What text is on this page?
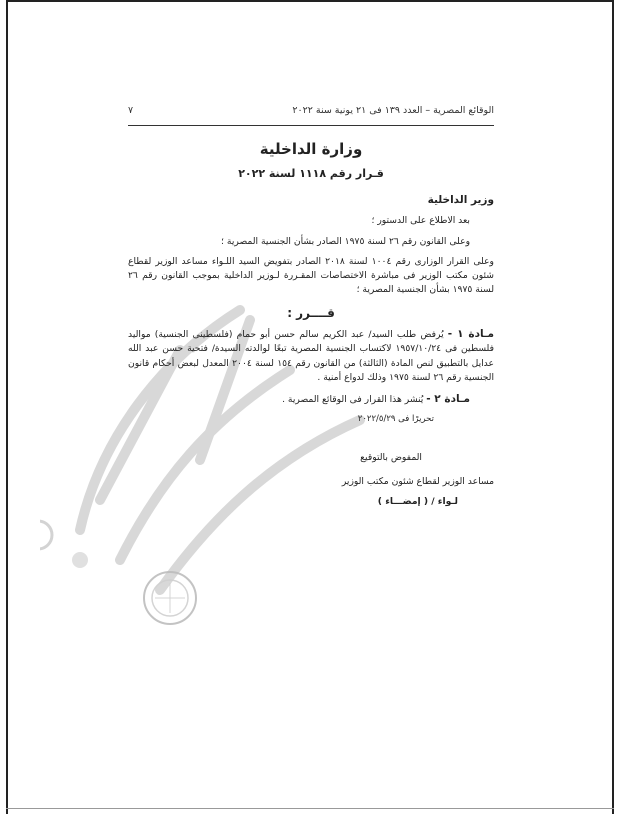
الوقائع المصرية – العدد ١٣٩ فى ٢١ يونية سنة ٢٠٢٢
٧
وزارة الداخلية
قـرار رقم ١١١٨ لسنة ٢٠٢٢
وزير الداخلية

بعد الاطلاع على الدستور ؛

وعلى القانون رقم ٢٦ لسنة ١٩٧٥ الصادر بشأن الجنسية المصرية ؛

وعلى القرار الوزارى رقم ١٠٠٤ لسنة ٢٠١٨ الصادر بتفويض السيد اللـواء مساعد الوزير لقطاع شئون مكتب الوزير فى مباشرة الاختصاصات المقـررة لـوزير الداخلية بموجب القانون رقم ٢٦ لسنة ١٩٧٥ بشأن الجنسية المصرية ؛

قــــرر :

مـادة ١ - يُرفض طلب السيد/ عبد الكريم سالم حسن أبو حمام (فلسطينى الجنسية) مواليد فلسطين فى ١٩٥٧/١٠/٢٤ لاكتساب الجنسية المصرية تبعًا لوالدته السيدة/ فتحية حسن عبد الله عدايل بالتطبيق لنص المادة (الثالثة) من القانون رقم ١٥٤ لسنة ٢٠٠٤ المعدل لبعض أحكام قانون الجنسية رقم ٢٦ لسنة ١٩٧٥ وذلك لدواع أمنية .

مـادة ٢ - يُنشر هذا القرار فى الوقائع المصرية .

تحريرًا فى ٢٠٢٢/٥/٢٩

المفوض بالتوقيع

مساعد الوزير لقطاع شئون مكتب الوزير

لـواء / ( إمضـــاء )
